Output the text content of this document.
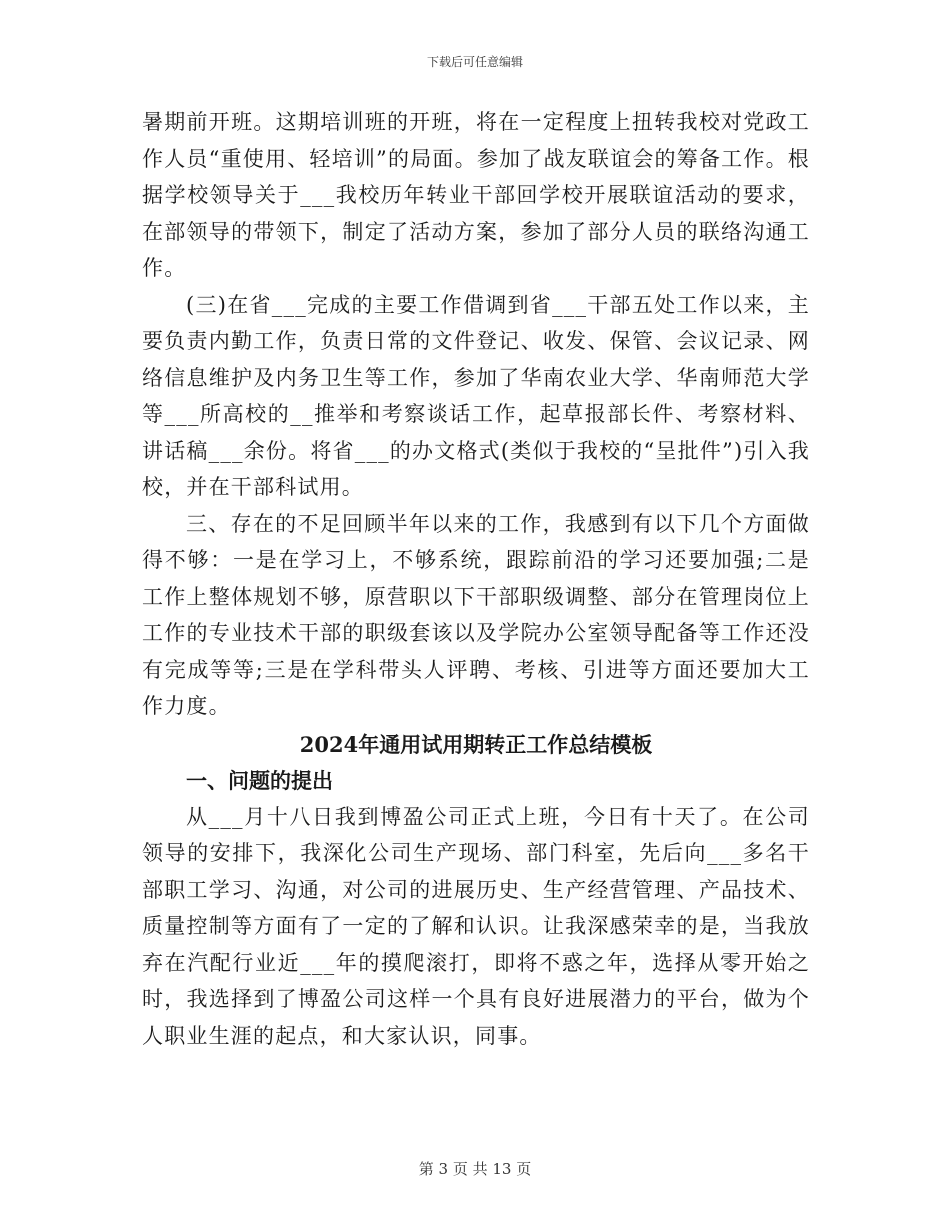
下载后可任意编辑

暑期前开班。这期培训班的开班，将在一定程度上扭转我校对党政工作人员“重使用、轻培训”的局面。参加了战友联谊会的筹备工作。根据学校领导关于___我校历年转业干部回学校开展联谊活动的要求，在部领导的带领下，制定了活动方案，参加了部分人员的联络沟通工作。

(三)在省___完成的主要工作借调到省___干部五处工作以来，主要负责内勤工作，负责日常的文件登记、收发、保管、会议记录、网络信息维护及内务卫生等工作，参加了华南农业大学、华南师范大学等___所高校的__推举和考察谈话工作，起草报部长件、考察材料、讲话稿___余份。将省___的办文格式(类似于我校的“呈批件”)引入我校，并在干部科试用。

三、存在的不足回顾半年以来的工作，我感到有以下几个方面做得不够：一是在学习上，不够系统，跟踪前沿的学习还要加强;二是工作上整体规划不够，原营职以下干部职级调整、部分在管理岗位上工作的专业技术干部的职级套该以及学院办公室领导配备等工作还没有完成等等;三是在学科带头人评聘、考核、引进等方面还要加大工作力度。

2024年通用试用期转正工作总结模板
一、问题的提出

从___月十八日我到博盈公司正式上班，今日有十天了。在公司领导的安排下，我深化公司生产现场、部门科室，先后向___多名干部职工学习、沟通，对公司的进展历史、生产经营管理、产品技术、质量控制等方面有了一定的了解和认识。让我深感荣幸的是，当我放弃在汽配行业近___年的摸爬滚打，即将不惑之年，选择从零开始之时，我选择到了博盈公司这样一个具有良好进展潜力的平台，做为个人职业生涯的起点，和大家认识，同事。

第 3 页 共 13 页
